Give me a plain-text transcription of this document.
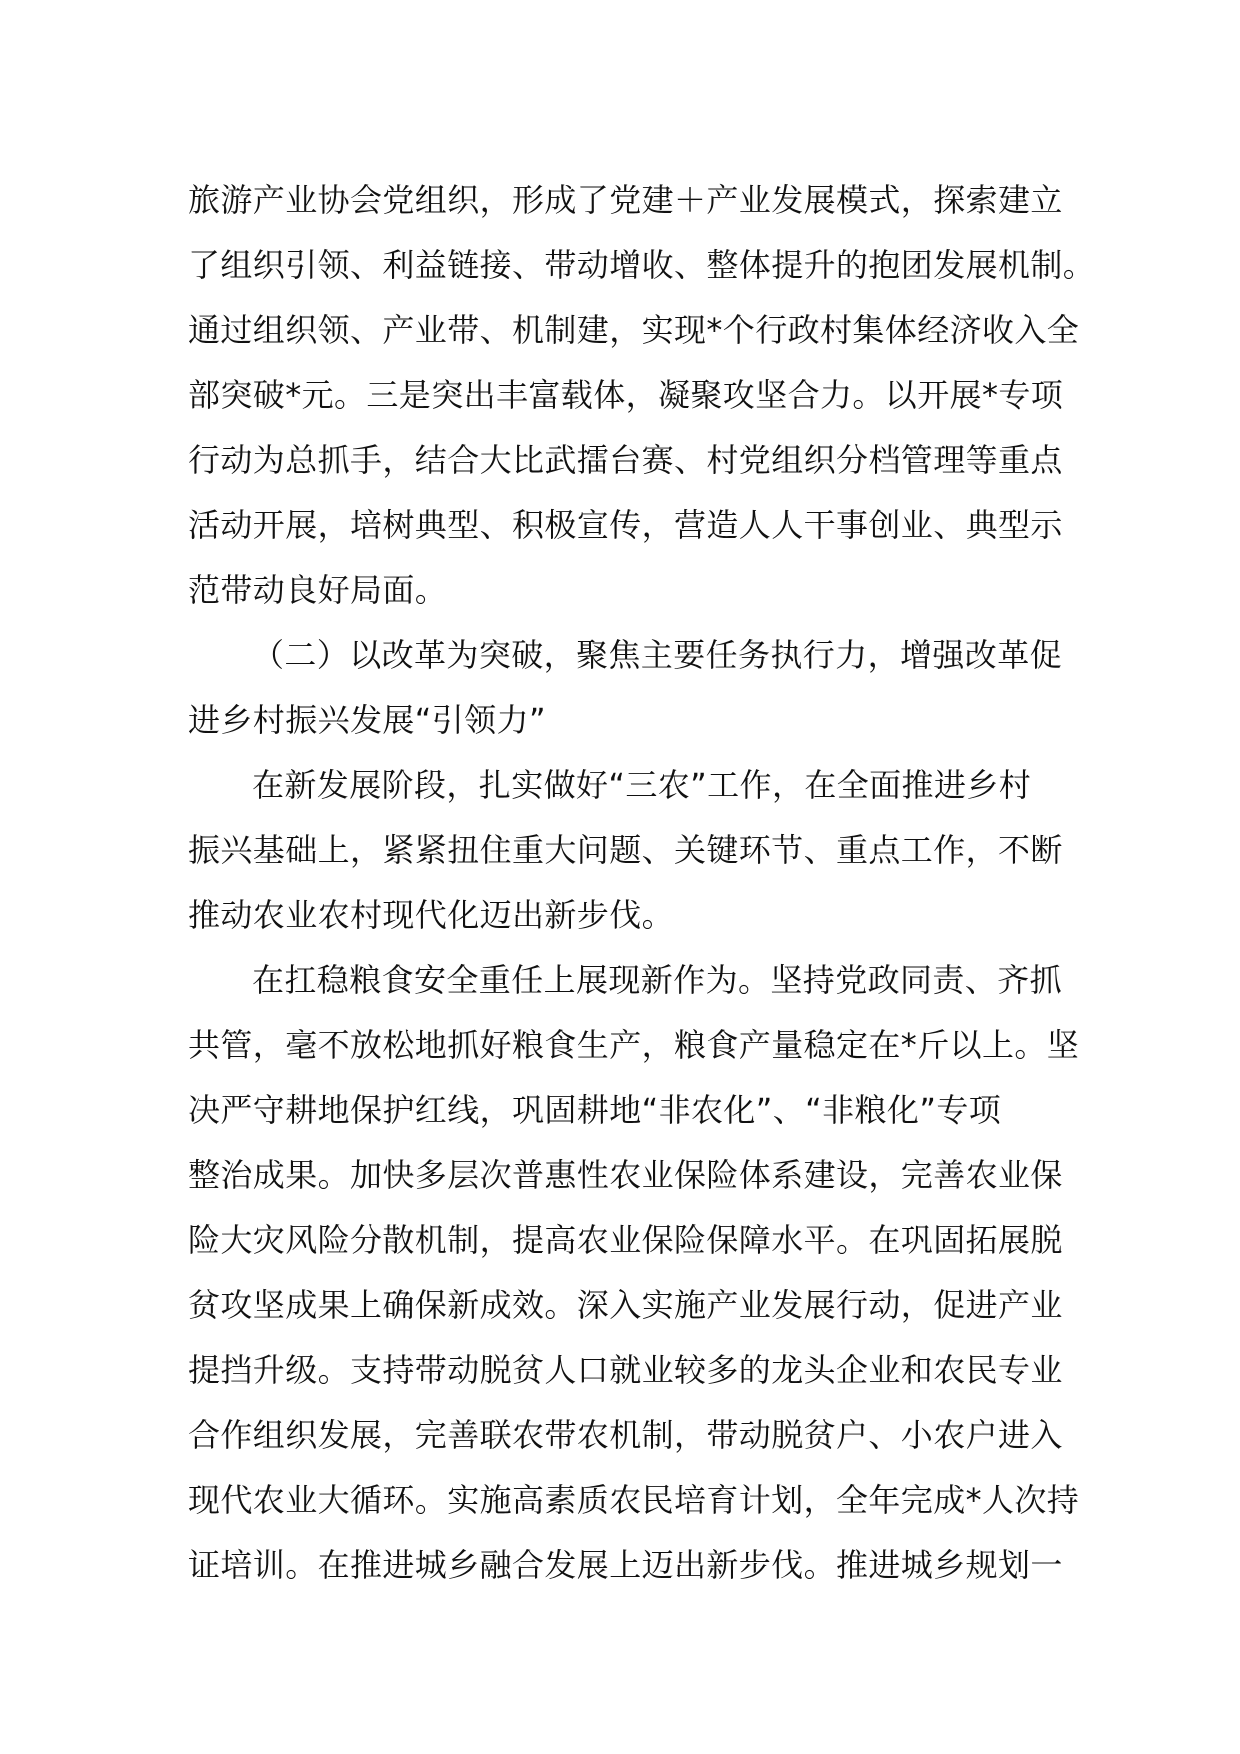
旅游产业协会党组织，形成了党建＋产业发展模式，探索建立
了组织引领、利益链接、带动增收、整体提升的抱团发展机制。
通过组织领、产业带、机制建，实现*个行政村集体经济收入全
部突破*元。三是突出丰富载体，凝聚攻坚合力。以开展*专项
行动为总抓手，结合大比武擂台赛、村党组织分档管理等重点
活动开展，培树典型、积极宣传，营造人人干事创业、典型示
范带动良好局面。
（二）以改革为突破，聚焦主要任务执行力，增强改革促
进乡村振兴发展“引领力”
在新发展阶段，扎实做好“三农”工作，在全面推进乡村
振兴基础上，紧紧扭住重大问题、关键环节、重点工作，不断
推动农业农村现代化迈出新步伐。
在扛稳粮食安全重任上展现新作为。坚持党政同责、齐抓
共管，毫不放松地抓好粮食生产，粮食产量稳定在*斤以上。坚
决严守耕地保护红线，巩固耕地“非农化”、“非粮化”专项
整治成果。加快多层次普惠性农业保险体系建设，完善农业保
险大灾风险分散机制，提高农业保险保障水平。在巩固拓展脱
贫攻坚成果上确保新成效。深入实施产业发展行动，促进产业
提挡升级。支持带动脱贫人口就业较多的龙头企业和农民专业
合作组织发展，完善联农带农机制，带动脱贫户、小农户进入
现代农业大循环。实施高素质农民培育计划，全年完成*人次持
证培训。在推进城乡融合发展上迈出新步伐。推进城乡规划一
